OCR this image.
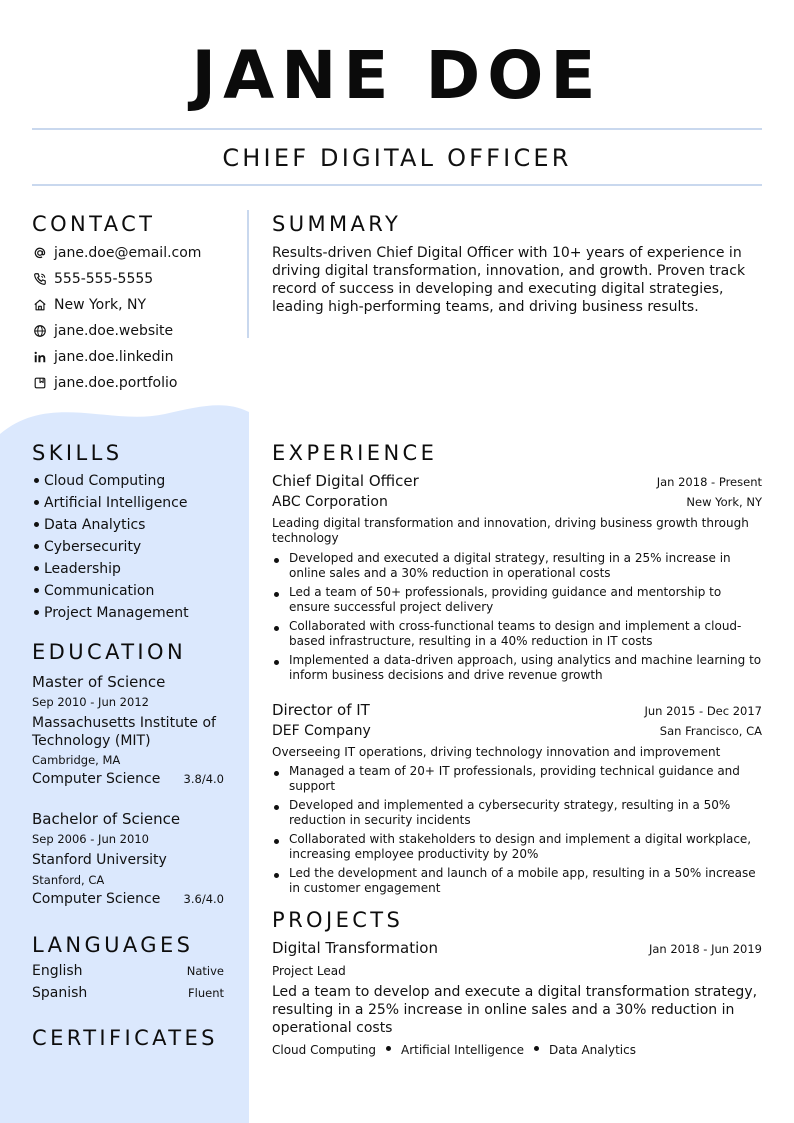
JANE DOE
CHIEF DIGITAL OFFICER
CONTACT
jane.doe@email.com
555-555-5555
New York, NY
jane.doe.website
jane.doe.linkedin
jane.doe.portfolio
SKILLS
Cloud Computing
Artificial Intelligence
Data Analytics
Cybersecurity
Leadership
Communication
Project Management
EDUCATION
Master of Science
Sep 2010 - Jun 2012
Massachusetts Institute of Technology (MIT)
Cambridge, MA
Computer Science 3.8/4.0
Bachelor of Science
Sep 2006 - Jun 2010
Stanford University
Stanford, CA
Computer Science 3.6/4.0
LANGUAGES
English	Native
Spanish	Fluent
CERTIFICATES
SUMMARY
Results-driven Chief Digital Officer with 10+ years of experience in driving digital transformation, innovation, and growth. Proven track record of success in developing and executing digital strategies, leading high-performing teams, and driving business results.
EXPERIENCE
Chief Digital Officer	Jan 2018 - Present
ABC Corporation	New York, NY

Leading digital transformation and innovation, driving business growth through technology

Developed and executed a digital strategy, resulting in a 25% increase in online sales and a 30% reduction in operational costs
Led a team of 50+ professionals, providing guidance and mentorship to ensure successful project delivery
Collaborated with cross-functional teams to design and implement a cloud-based infrastructure, resulting in a 40% reduction in IT costs
Implemented a data-driven approach, using analytics and machine learning to inform business decisions and drive revenue growth
Director of IT	Jun 2015 - Dec 2017
DEF Company	San Francisco, CA

Overseeing IT operations, driving technology innovation and improvement

Managed a team of 20+ IT professionals, providing technical guidance and support
Developed and implemented a cybersecurity strategy, resulting in a 50% reduction in security incidents
Collaborated with stakeholders to design and implement a digital workplace, increasing employee productivity by 20%
Led the development and launch of a mobile app, resulting in a 50% increase in customer engagement
PROJECTS
Digital Transformation	Jan 2018 - Jun 2019
Project Lead

Led a team to develop and execute a digital transformation strategy, resulting in a 25% increase in online sales and a 30% reduction in operational costs

Cloud Computing Artificial Intelligence Data Analytics
